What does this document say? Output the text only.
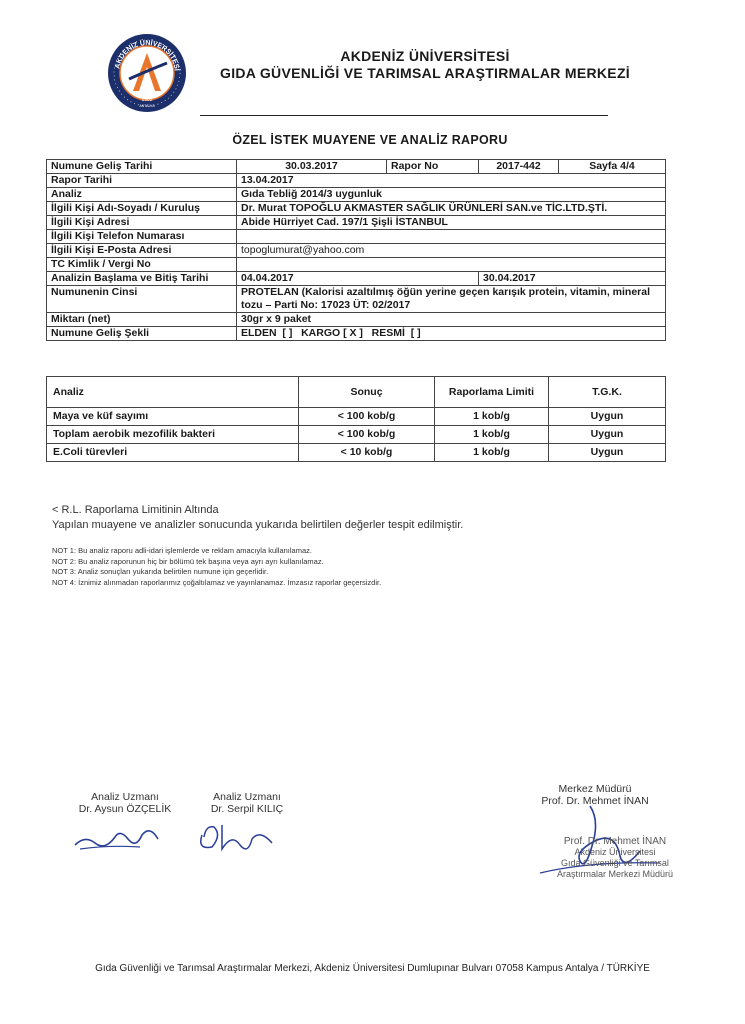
AKDENİZ ÜNİVERSİTESİ
1982
ANTALYA
AKDENİZ ÜNİVERSİTESİ
GIDA GÜVENLİĞİ VE TARIMSAL ARAŞTIRMALAR MERKEZİ
ÖZEL İSTEK MUAYENE VE ANALİZ RAPORU
Numune Geliş Tarihi	30.03.2017	Rapor No	2017-442	Sayfa 4/4
Rapor Tarihi	13.04.2017			
Analiz	Gıda Tebliğ 2014/3 uygunluk			
İlgili Kişi Adı-Soyadı / Kuruluş	Dr. Murat TOPOĞLU AKMASTER SAĞLIK ÜRÜNLERİ SAN.ve TİC.LTD.ŞTİ.			
İlgili Kişi Adresi	Abide Hürriyet Cad. 197/1 Şişli İSTANBUL			
İlgili Kişi Telefon Numarası				
İlgili Kişi E-Posta Adresi	topoglumurat@yahoo.com			
TC Kimlik / Vergi No				
Analizin Başlama ve Bitiş Tarihi	04.04.2017		30.04.2017	
Numunenin Cinsi	PROTELAN (Kalorisi azaltılmış öğün yerine geçen karışık protein, vitamin, mineral tozu – Parti No: 17023 ÜT: 02/2017			
Miktarı (net)	30gr x 9 paket			
Numune Geliş Şekli	ELDEN  [ ]   KARGO [ X ]   RESMİ  [ ]			
Analiz	Sonuç	Raporlama Limiti	T.G.K.
Maya ve küf sayımı	< 100 kob/g	1 kob/g	Uygun
Toplam aerobik mezofilik bakteri	< 100 kob/g	1 kob/g	Uygun
E.Coli türevleri	< 10 kob/g	1 kob/g	Uygun
< R.L. Raporlama Limitinin Altında
Yapılan muayene ve analizler sonucunda yukarıda belirtilen değerler tespit edilmiştir.
NOT 1: Bu analiz raporu adli-idari işlemlerde ve reklam amacıyla kullanılamaz.
NOT 2: Bu analiz raporunun hiç bir bölümü tek başına veya ayrı ayrı kullanılamaz.
NOT 3: Analiz sonuçları yukarıda belirtilen numune için geçerlidir.
NOT 4: İznimiz alınmadan raporlarımız çoğaltılamaz ve yayınlanamaz. İmzasız raporlar geçersizdir.
Analiz Uzmanı
Dr. Aysun ÖZÇELİK
Analiz Uzmanı
Dr. Serpil KILIÇ
Merkez Müdürü
Prof. Dr. Mehmet İNAN
Prof. Dr. Mehmet İNAN
Akdeniz Üniversitesi
Gıda Güvenliği ve Tarımsal
Araştırmalar Merkezi Müdürü
Gıda Güvenliği ve Tarımsal Araştırmalar Merkezi, Akdeniz Üniversitesi Dumlupınar Bulvarı 07058 Kampus Antalya / TÜRKİYE
